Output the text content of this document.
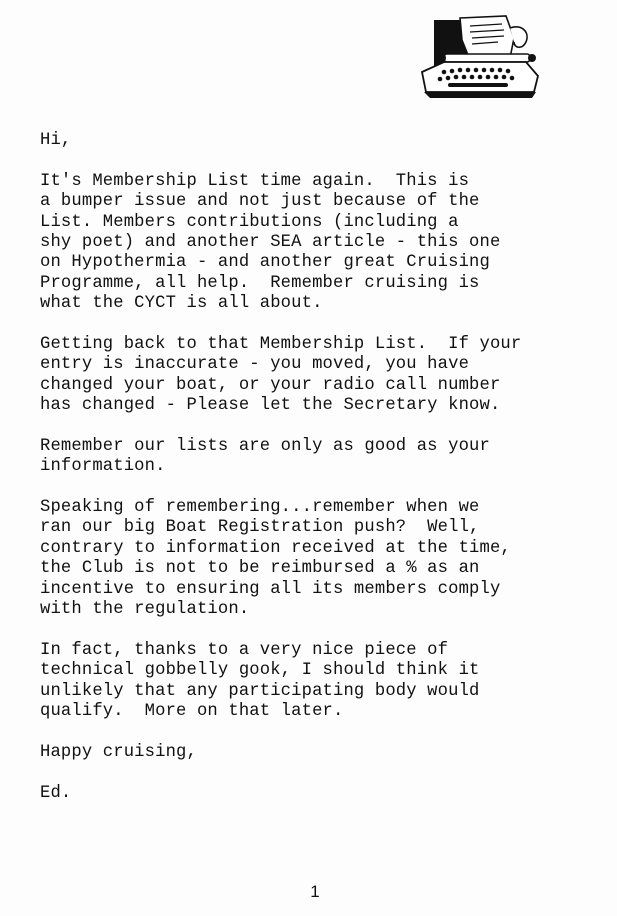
Hi,
It's Membership List time again.  This is
a bumper issue and not just because of the
List. Members contributions (including a
shy poet) and another SEA article - this one
on Hypothermia - and another great Cruising
Programme, all help.  Remember cruising is
what the CYCT is all about.
Getting back to that Membership List.  If your
entry is inaccurate - you moved, you have
changed your boat, or your radio call number
has changed - Please let the Secretary know.
Remember our lists are only as good as your
information.
Speaking of remembering...remember when we
ran our big Boat Registration push?  Well,
contrary to information received at the time,
the Club is not to be reimbursed a % as an
incentive to ensuring all its members comply
with the regulation.
In fact, thanks to a very nice piece of
technical gobbelly gook, I should think it
unlikely that any participating body would
qualify.  More on that later.
Happy cruising,
Ed.
1
